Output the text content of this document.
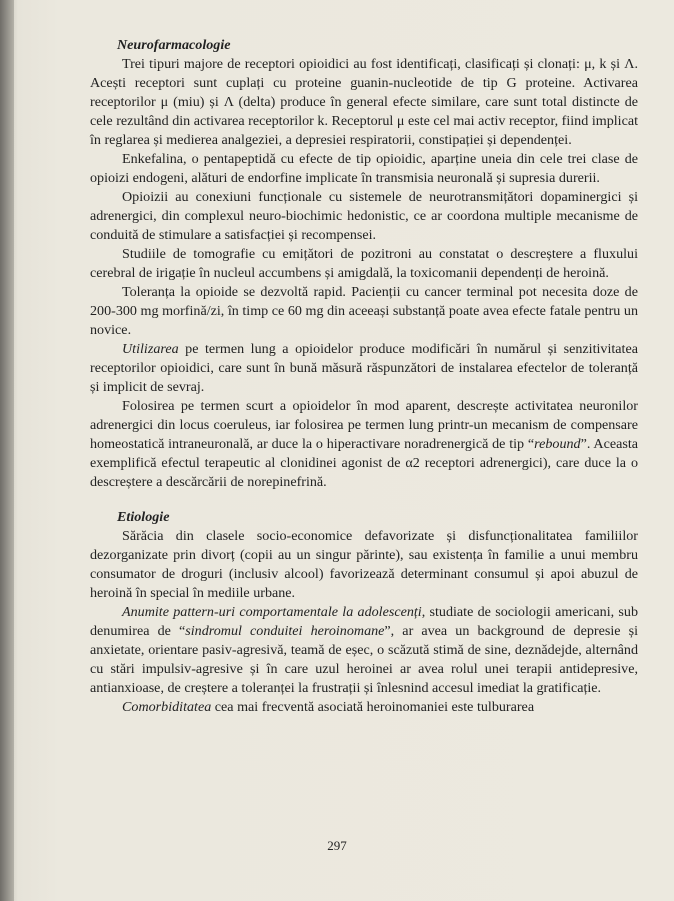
Neurofarmacologie

Trei tipuri majore de receptori opioidici au fost identificați, clasificați și clonați: μ, k și Λ. Acești receptori sunt cuplați cu proteine guanin-nucleotide de tip G proteine. Activarea receptorilor μ (miu) și Λ (delta) produce în general efecte similare, care sunt total distincte de cele rezultând din activarea receptorilor k. Receptorul μ este cel mai activ receptor, fiind implicat în reglarea și medierea analgeziei, a depresiei respiratorii, constipației și dependenței.

Enkefalina, o pentapeptidă cu efecte de tip opioidic, aparține uneia din cele trei clase de opioizi endogeni, alături de endorfine implicate în transmisia neuronală și supresia durerii.

Opioizii au conexiuni funcționale cu sistemele de neurotransmițători dopaminergici și adrenergici, din complexul neuro-biochimic hedonistic, ce ar coordona multiple mecanisme de conduită de stimulare a satisfacției și recompensei.

Studiile de tomografie cu emițători de pozitroni au constatat o descreștere a fluxului cerebral de irigație în nucleul accumbens și amigdală, la toxicomanii dependenți de heroină.

Toleranța la opioide se dezvoltă rapid. Pacienții cu cancer terminal pot necesita doze de 200-300 mg morfină/zi, în timp ce 60 mg din aceeași substanță poate avea efecte fatale pentru un novice.

Utilizarea pe termen lung a opioidelor produce modificări în numărul și senzitivitatea receptorilor opioidici, care sunt în bună măsură răspunzători de instalarea efectelor de toleranță și implicit de sevraj.

Folosirea pe termen scurt a opioidelor în mod aparent, descrește activitatea neuronilor adrenergici din locus coeruleus, iar folosirea pe termen lung printr-un mecanism de compensare homeostatică intraneuronală, ar duce la o hiperactivare noradrenergică de tip “rebound”. Aceasta exemplifică efectul terapeutic al clonidinei agonist de α2 receptori adrenergici), care duce la o descreștere a descărcării de norepinefrină.

Etiologie

Sărăcia din clasele socio-economice defavorizate și disfuncționalitatea familiilor dezorganizate prin divorț (copii au un singur părinte), sau existența în familie a unui membru consumator de droguri (inclusiv alcool) favorizează determinant consumul și apoi abuzul de heroină în special în mediile urbane.

Anumite pattern-uri comportamentale la adolescenți, studiate de sociologii americani, sub denumirea de “sindromul conduitei heroinomane”, ar avea un background de depresie și anxietate, orientare pasiv-agresivă, teamă de eșec, o scăzută stimă de sine, deznădejde, alternând cu stări impulsiv-agresive și în care uzul heroinei ar avea rolul unei terapii antidepresive, antianxioase, de creștere a toleranței la frustrații și înlesnind accesul imediat la gratificație.

Comorbiditatea cea mai frecventă asociată heroinomaniei este tulburarea

297
